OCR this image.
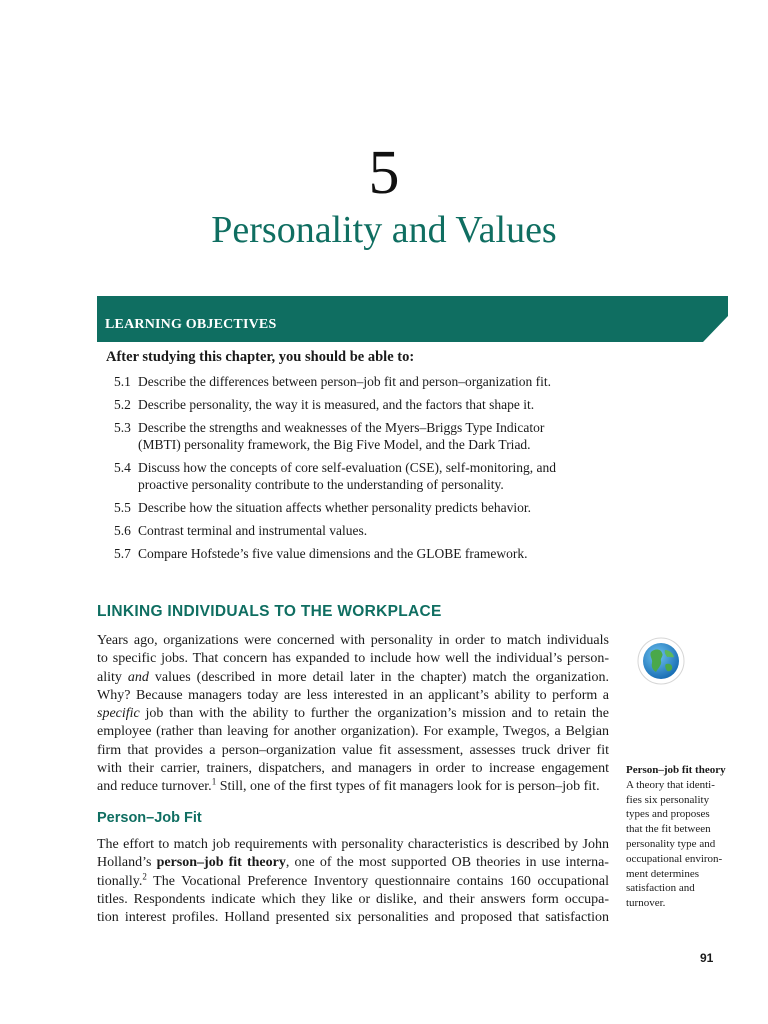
5
Personality and Values
LEARNING OBJECTIVES
After studying this chapter, you should be able to:
5.1 Describe the differences between person–job fit and person–organization fit.
5.2 Describe personality, the way it is measured, and the factors that shape it.
5.3 Describe the strengths and weaknesses of the Myers–Briggs Type Indicator
(MBTI) personality framework, the Big Five Model, and the Dark Triad.
5.4 Discuss how the concepts of core self-evaluation (CSE), self-monitoring, and
proactive personality contribute to the understanding of personality.
5.5 Describe how the situation affects whether personality predicts behavior.
5.6 Contrast terminal and instrumental values.
5.7 Compare Hofstede’s five value dimensions and the GLOBE framework.
LINKING INDIVIDUALS TO THE WORKPLACE
Years ago, organizations were concerned with personality in order to match individuals
to specific jobs. That concern has expanded to include how well the individual’s person-
ality and values (described in more detail later in the chapter) match the organization.
Why? Because managers today are less interested in an applicant’s ability to perform a
specific job than with the ability to further the organization’s mission and to retain the
employee (rather than leaving for another organization). For example, Twegos, a Belgian
firm that provides a person–organization value fit assessment, assesses truck driver fit
with their carrier, trainers, dispatchers, and managers in order to increase engagement
and reduce turnover.$^1$ Still, one of the first types of fit managers look for is person–job fit.
Person–Job Fit
The effort to match job requirements with personality characteristics is described by John
Holland’s person–job fit theory, one of the most supported OB theories in use interna-
tionally.$^2$ The Vocational Preference Inventory questionnaire contains 160 occupational
titles. Respondents indicate which they like or dislike, and their answers form occupa-
tion interest profiles. Holland presented six personalities and proposed that satisfaction
Person–job fit theory
A theory that identi-
fies six personality
types and proposes
that the fit between
personality type and
occupational environ-
ment determines
satisfaction and
turnover.
91
